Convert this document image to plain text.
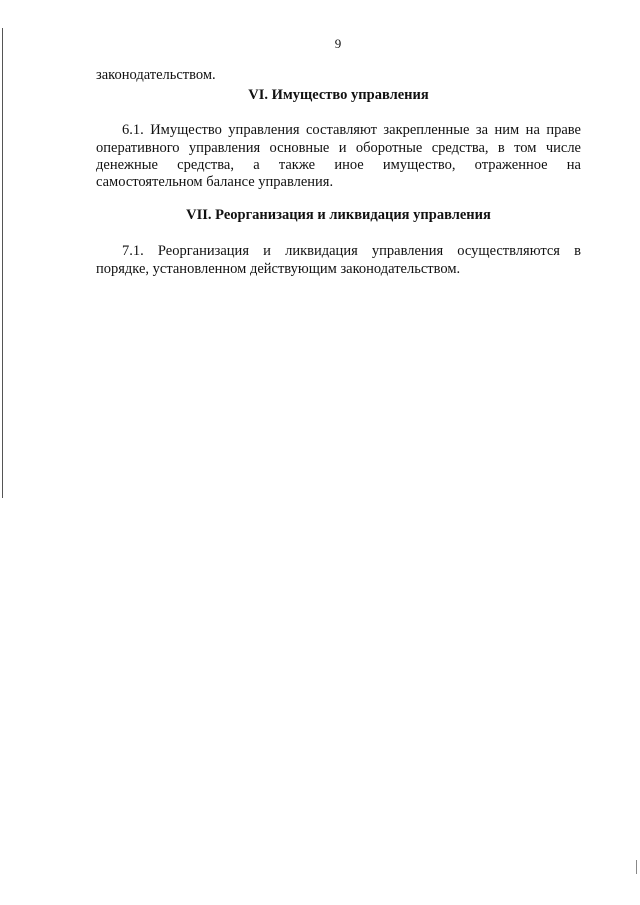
9
законодательством.
VI. Имущество управления
6.1. Имущество управления составляют закрепленные за ним на праве
оперативного управления основные и оборотные средства, в том числе
денежные средства, а также иное имущество, отраженное на
самостоятельном балансе управления.
VII. Реорганизация и ликвидация управления
7.1. Реорганизация и ликвидация управления осуществляются в
порядке, установленном действующим законодательством.
